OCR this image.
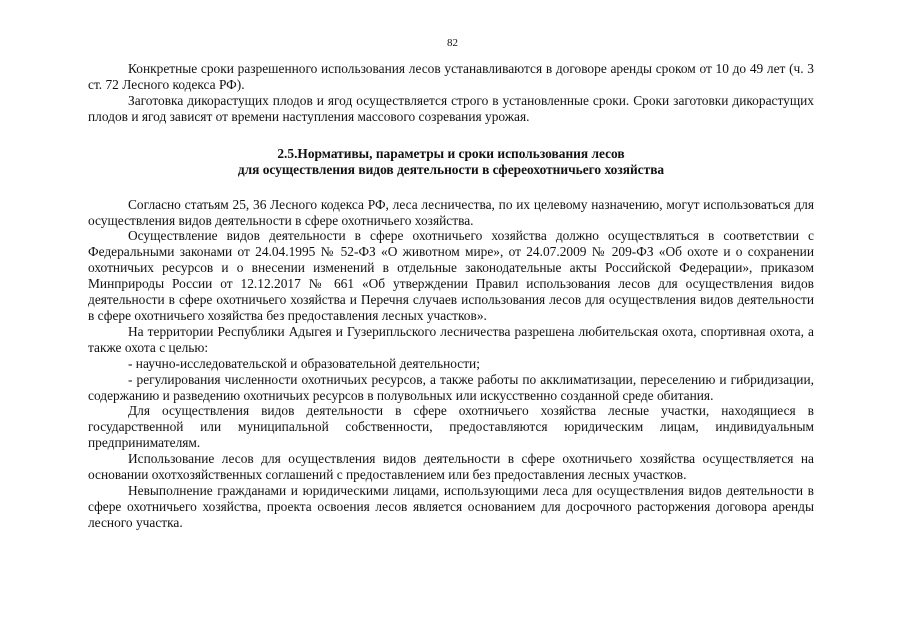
82

Конкретные сроки разрешенного использования лесов устанавливаются в договоре аренды сроком от 10 до 49 лет (ч. 3 ст. 72 Лесного кодекса РФ).

Заготовка дикорастущих плодов и ягод осуществляется строго в установленные сроки. Сроки заготовки дикорастущих плодов и ягод зависят от времени наступления массового созревания урожая.

2.5.Нормативы, параметры и сроки использования лесов
для осуществления видов деятельности в сфереохотничьего хозяйства

Согласно статьям 25, 36 Лесного кодекса РФ, леса лесничества, по их целевому назначению, могут использоваться для осуществления видов деятельности в сфере охотничьего хозяйства.

Осуществление видов деятельности в сфере охотничьего хозяйства должно осуществляться в соответствии с Федеральными законами от 24.04.1995 № 52-ФЗ «О животном мире», от 24.07.2009 № 209-ФЗ «Об охоте и о сохранении охотничьих ресурсов и о внесении изменений в отдельные законодательные акты Российской Федерации», приказом Минприроды России от 12.12.2017 № 661 «Об утверждении Правил использования лесов для осуществления видов деятельности в сфере охотничьего хозяйства и Перечня случаев использования лесов для осуществления видов деятельности в сфере охотничьего хозяйства без предоставления лесных участков».

На территории Республики Адыгея и Гузерипльского лесничества разрешена любительская охота, спортивная охота, а также охота с целью:

- научно-исследовательской и образовательной деятельности;

- регулирования численности охотничьих ресурсов, а также работы по акклиматизации, переселению и гибридизации, содержанию и разведению охотничьих ресурсов в полувольных или искусственно созданной среде обитания.

Для осуществления видов деятельности в сфере охотничьего хозяйства лесные участки, находящиеся в государственной или муниципальной собственности, предоставляются юридическим лицам, индивидуальным предпринимателям.

Использование лесов для осуществления видов деятельности в сфере охотничьего хозяйства осуществляется на основании охотхозяйственных соглашений с предоставлением или без предоставления лесных участков.

Невыполнение гражданами и юридическими лицами, использующими леса для осуществления видов деятельности в сфере охотничьего хозяйства, проекта освоения лесов является основанием для досрочного расторжения договора аренды лесного участка.
